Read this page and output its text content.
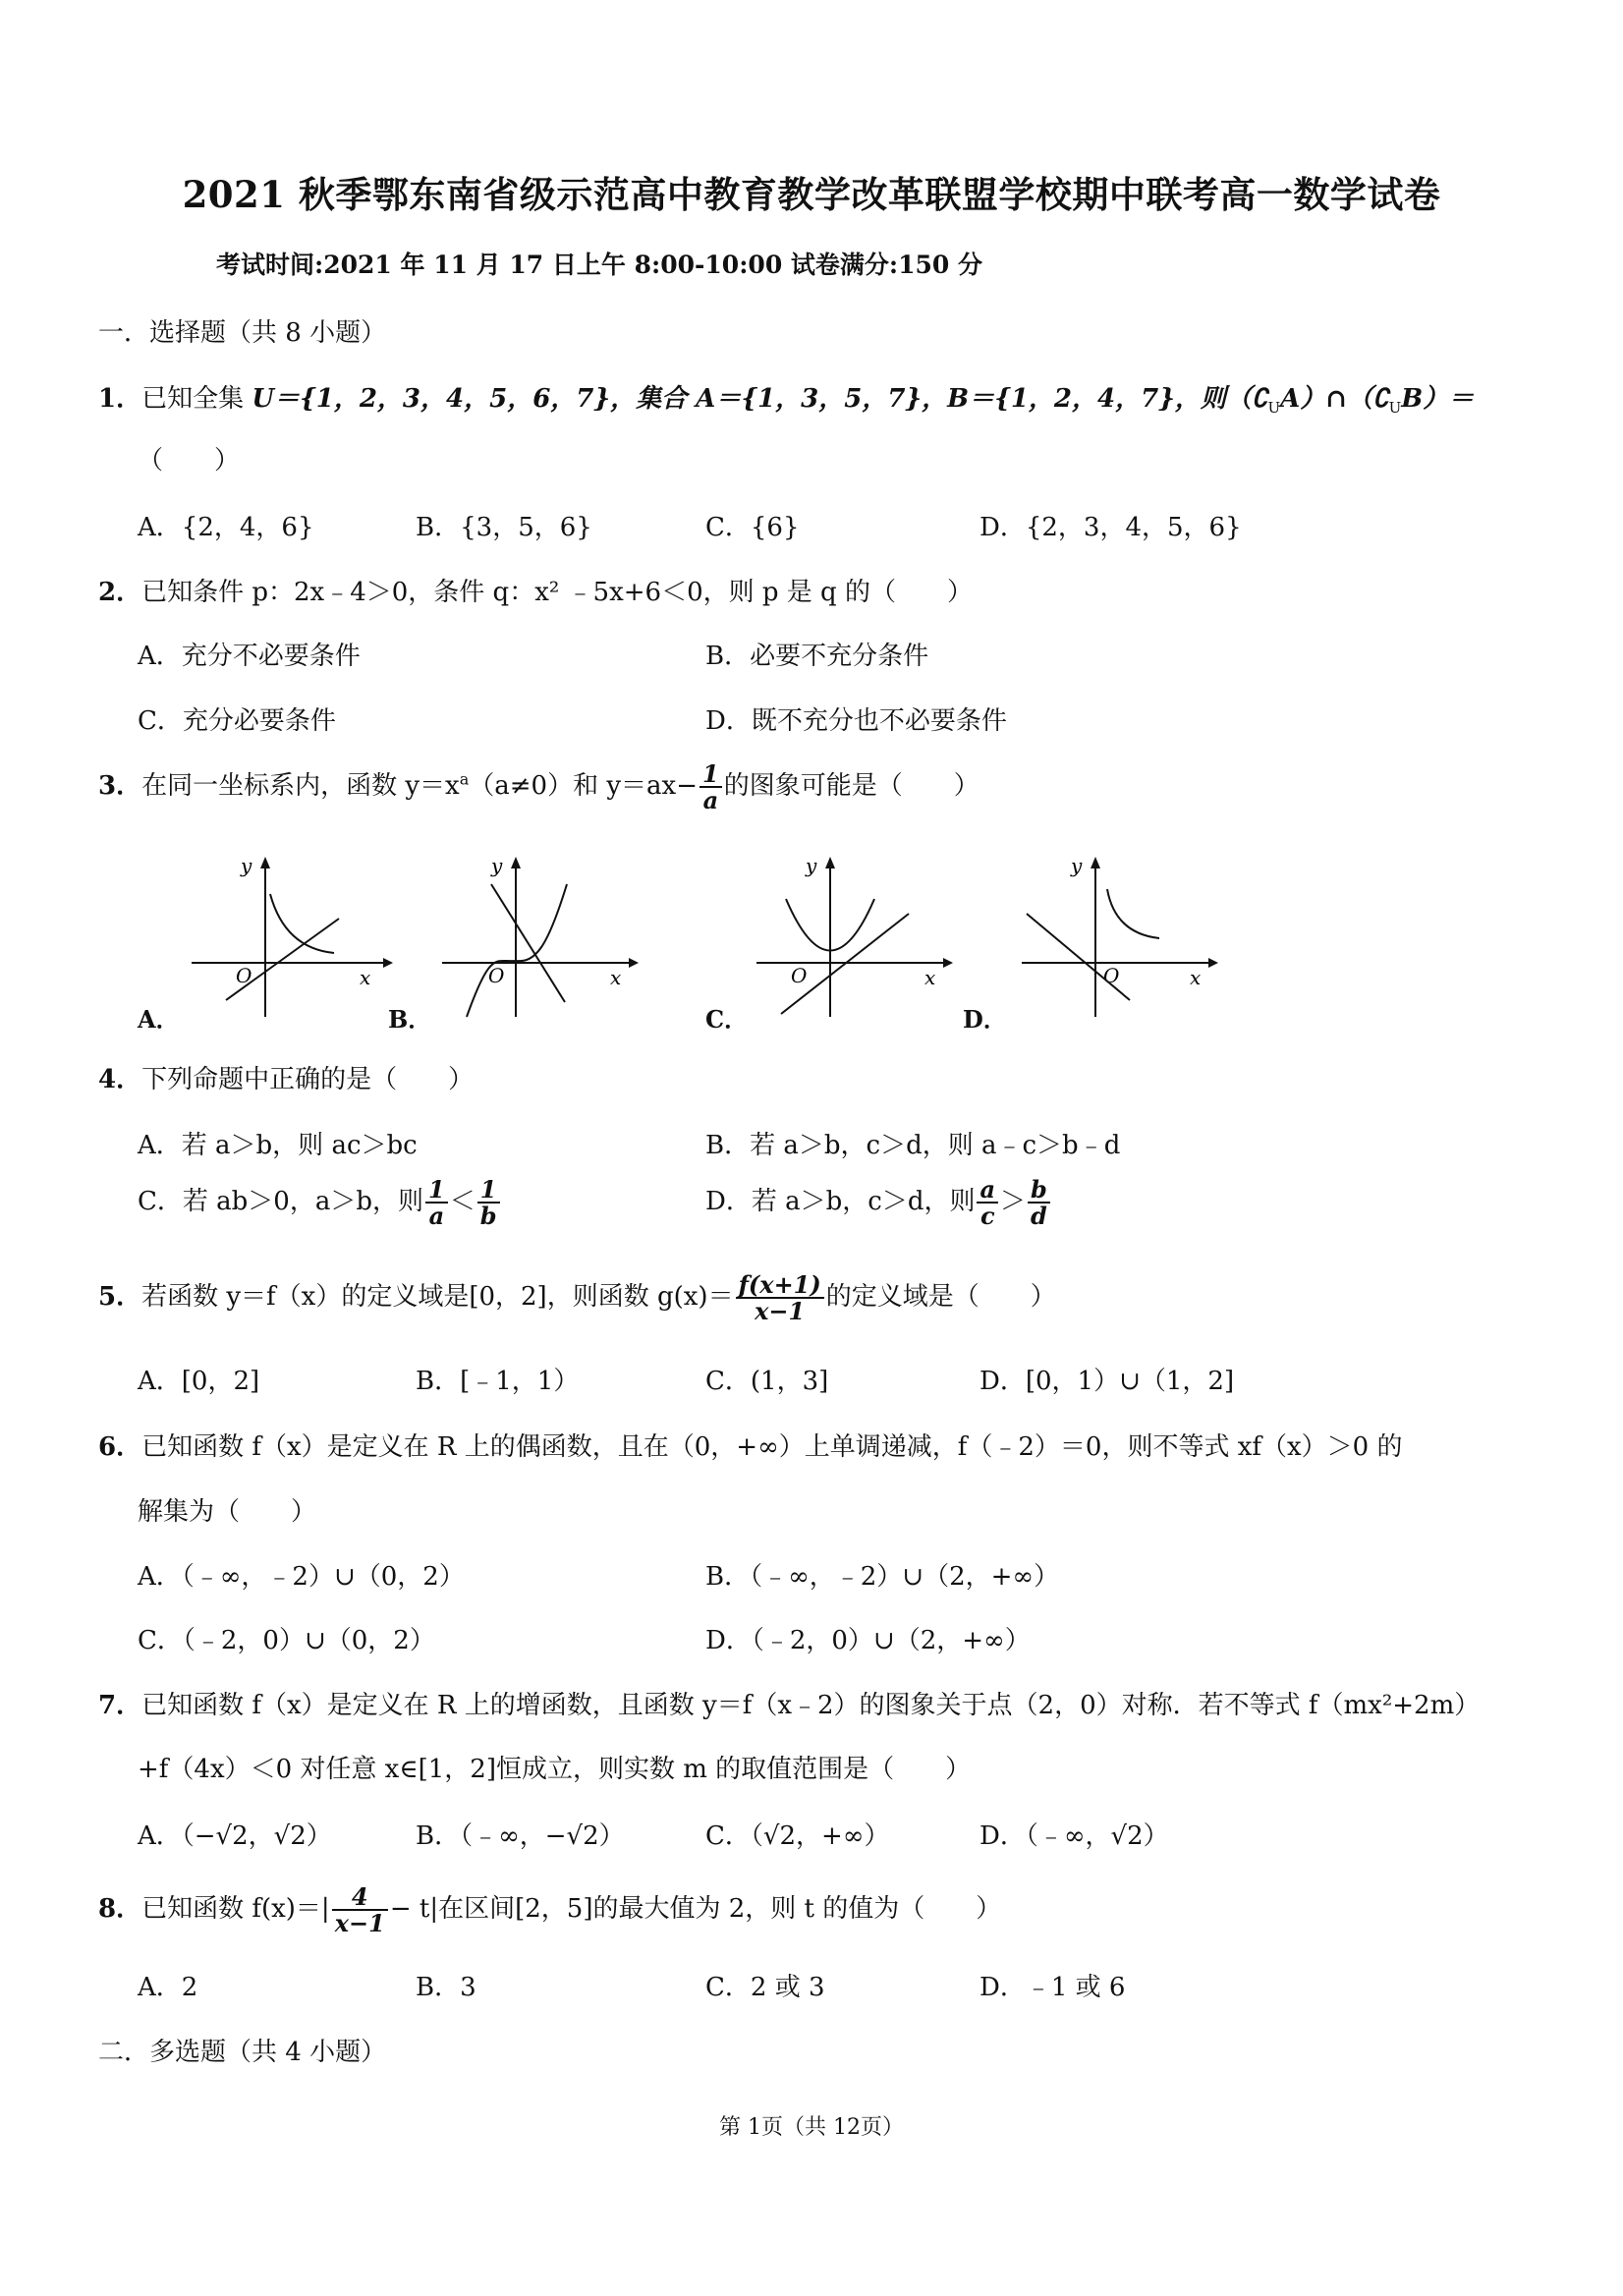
2021 秋季鄂东南省级示范高中教育教学改革联盟学校期中联考高一数学试卷
考试时间:2021 年 11 月 17 日上午 8:00-10:00 试卷满分:150 分
一．选择题（共 8 小题）
1．已知全集 U＝{1，2，3，4，5，6，7}，集合 A＝{1，3，5，7}，B＝{1，2，4，7}，则$(∁_UA)\cap(∁_UB)=$
（　　）
A．{2，4，6}	B．{3，5，6}	C．{6}	D．{2，3，4，5，6}
2．已知条件 p：2x﹣4＞0，条件 q：x² ﹣5x+6＜0，则 p 是 q 的（　　）
A．充分不必要条件	B．必要不充分条件
C．充分必要条件	D．既不充分也不必要条件
3．在同一坐标系内，函数 $y=x^a(a\ne 0)$和 $y=ax- \frac{1}{a}$ 的图象可能是（　　）
A．
y
x
O
B．
y
x
O
C．
y
x
O
D．
y
x
O
4．下列命题中正确的是（　　）
A．若 a＞b，则 ac＞bc	B．若 a＞b，c＞d，则 a﹣c＞b﹣d
C．若 ab＞0，a＞b，则 $\frac{1}{a} < \frac{1}{b}$	D．若 a＞b，c＞d，则 $\frac{a}{c} > \frac{b}{d}$
5．若函数 y＝f（x）的定义域是[0，2]，则函数 $g(x)= \frac{f(x+1)}{x-1}$ 的定义域是（　　）
A．[0，2]	B．[﹣1，1）	C．(1，3]	D．[0，1）∪（1，2]
6．已知函数 f（x）是定义在 R 上的偶函数，且在（0，+∞）上单调递减，f（﹣2）＝0，则不等式 xf（x）＞0 的
解集为（　　）
A．（﹣∞，﹣2）∪（0，2）	B．（﹣∞，﹣2）∪（2，+∞）
C．（﹣2，0）∪（0，2）	D．（﹣2，0）∪（2，+∞）
7．已知函数 f（x）是定义在 R 上的增函数，且函数 y＝f（x﹣2）的图象关于点（2，0）对称．若不等式 f（mx²+2m）
+f（4x）＜0 对任意 x∈[1，2]恒成立，则实数 m 的取值范围是（　　）
A．（−√2，√2）	B．（﹣∞，−√2）	C．（√2，+∞）	D．（﹣∞，√2）
8．已知函数 $f(x)=| \frac{4}{x-1} - t|$在区间[2，5]的最大值为 2，则 t 的值为（　　）
A．2	B．3	C．2 或 3	D．﹣1 或 6
二．多选题（共 4 小题）
第 1页（共 12页）
